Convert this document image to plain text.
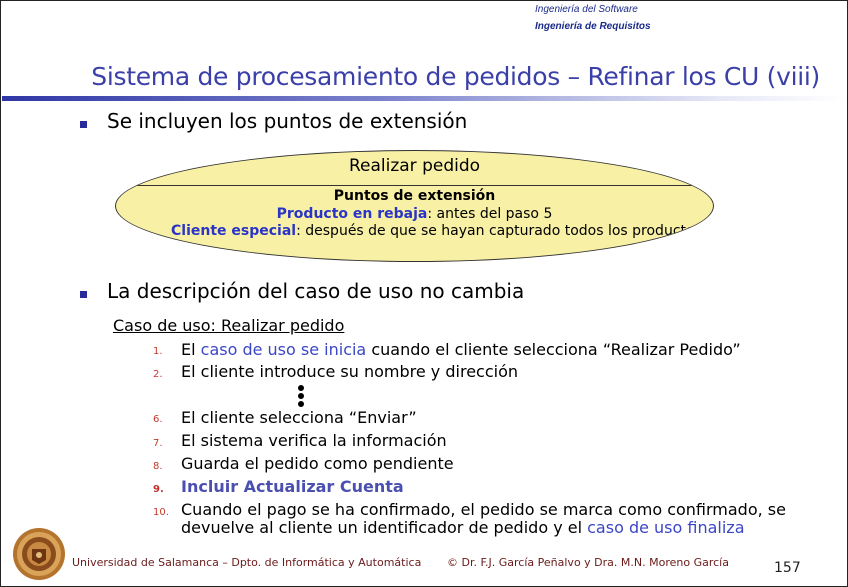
Ingeniería del Software
Ingeniería de Requisitos
Sistema de procesamiento de pedidos – Refinar los CU (viii)
Se incluyen los puntos de extensión
Realizar pedido
Puntos de extensión
Producto en rebaja: antes del paso 5
Cliente especial: después de que se hayan capturado todos los productos
La descripción del caso de uso no cambia
Caso de uso: Realizar pedido
1. El caso de uso se inicia cuando el cliente selecciona “Realizar Pedido”
2. El cliente introduce su nombre y dirección
6. El cliente selecciona “Enviar”
7. El sistema verifica la información
8. Guarda el pedido como pendiente
9. Incluir Actualizar Cuenta
10. Cuando el pago se ha confirmado, el pedido se marca como confirmado, se
devuelve al cliente un identificador de pedido y el caso de uso finaliza
Universidad de Salamanca – Dpto. de Informática y Automática © Dr. F.J. García Peñalvo y Dra. M.N. Moreno García	157
